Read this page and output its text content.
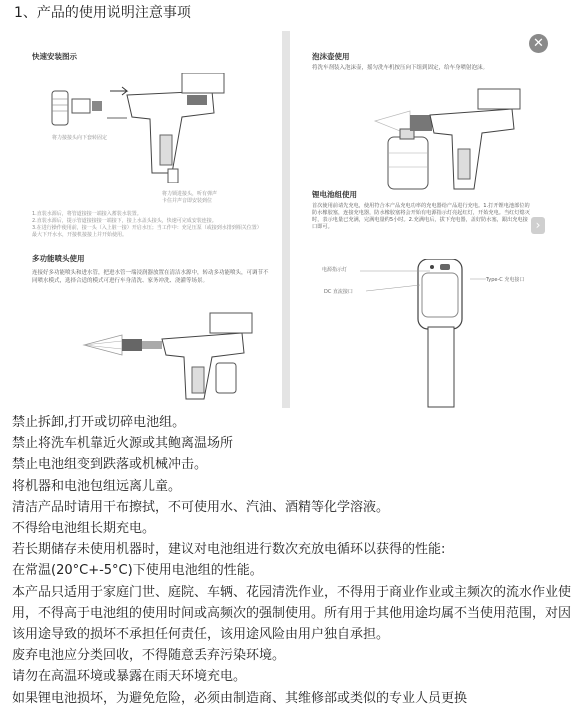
1、产品的使用说明注意事项
快速安装图示
将力接接头向下套转固定
将力锁进接头，听有弹声
卡住并声音即安装到位
1.直装水源后，将管道接接一端接入蓄装水装置。
2.直装水源后，提示管道接接接一端接下，接上水盖头接头，快速可完成安装连接。
3.在进行操作使用前，接一头（入上脏一接）开启水压；当工作中：充足压泵（或接到水排到相关位置）
最大下开水水，开接机接接上并开始使用。
多功能喷头使用
连接好多功能喷头和进水管，把进水管一端浸润器放置在清洁水源中，转动多功能喷头，可调节不同喷水模式，选择合适的模式可进行车身清洗、家务冲洗、浇灌等场景。
泡沫壶使用
将洗车剂装入泡沫壶，摇匀洗车机按压向下组到固定，给车身喷射泡沫。
锂电池组使用
首次使用前请先充电，使用符合本产品充电功率的充电器给产品进行充电。1.打开锂电池部位的防水橡胶塞，连接充电器，防水橡胶塞将会开始有电源指示灯亮起红灯，开始充电。当红灯熄灭时，表示电量已充满，完满电量约5小时。2.充满电后，拔下充电器，盖好防水塞，跟出充电接口即可。
电源指示灯
DC 直流接口
Type-C 充电接口
✕
›

禁止拆卸,打开或切碎电池组。

禁止将洗车机靠近火源或其鲍离温场所

禁止电池组变到跌落或机械冲击。

将机器和电池包组远离儿童。

清洁产品时请用干布擦拭，不可使用水、汽油、酒精等化学溶液。

不得给电池组长期充电。

若长期储存未使用机器时，建议对电池组进行数次充放电循环以获得的性能:

在常温(20°C+-5°C)下使用电池组的性能。

本产品只适用于家庭门世、庭院、车辆、花园清洗作业，不得用于商业作业或主频次的流水作业使用，不得高于电池组的使用时间或高频次的强制使用。所有用于其他用途均属不当使用范围，对因该用途导致的损坏不承担任何责任，该用途风险由用户独自承担。

废弃电池应分类回收，不得随意丢弃污染环境。

请勿在高温环境或暴露在雨天环境充电。

如果锂电池损坏，为避免危险，必须由制造商、其维修部或类似的专业人员更换
